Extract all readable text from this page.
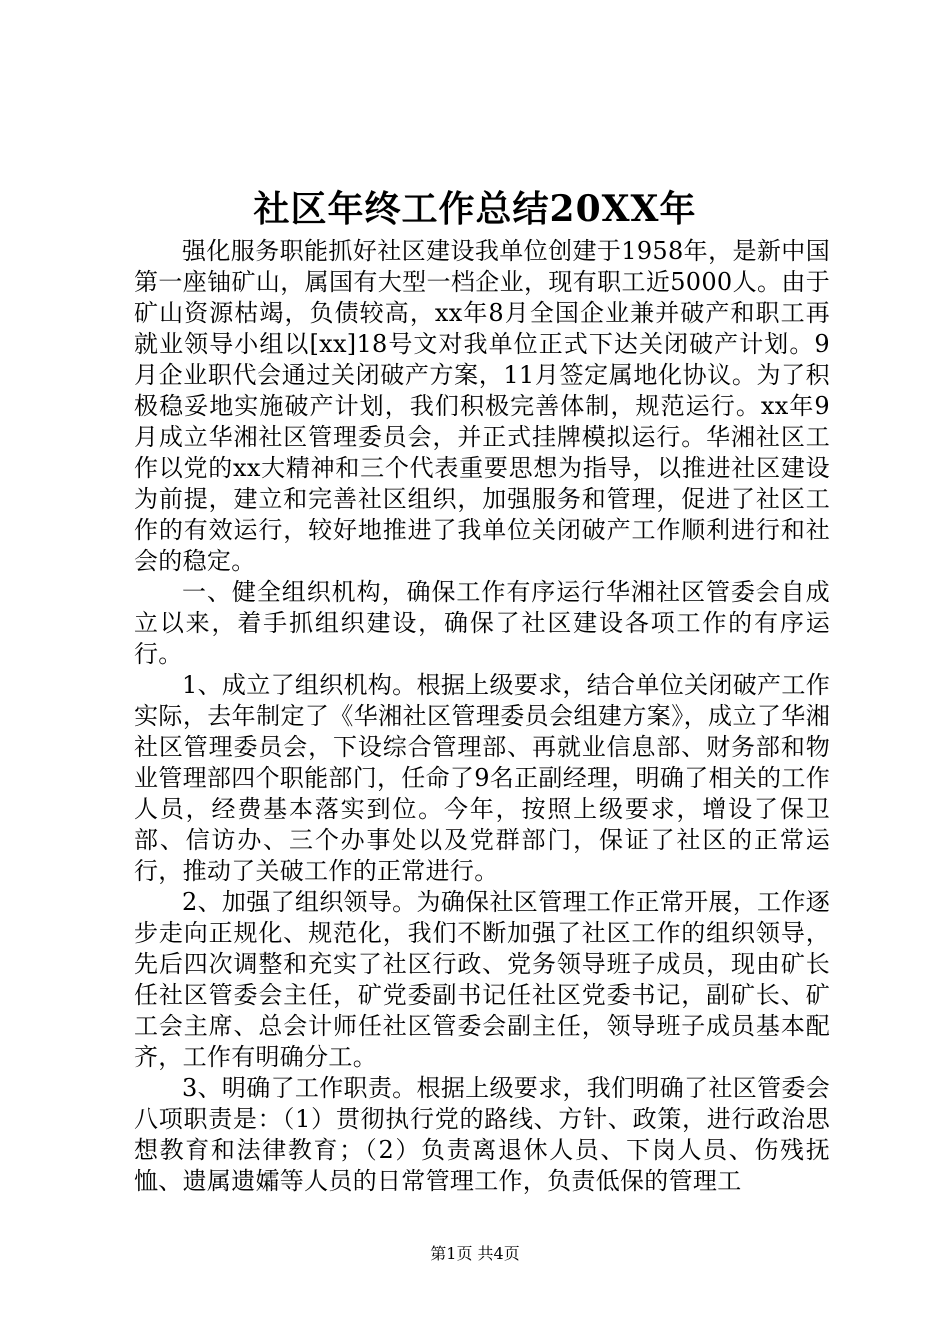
社区年终工作总结20XX年

强化服务职能抓好社区建设我单位创建于1958年，是新中国第一座铀矿山，属国有大型一档企业，现有职工近5000人。由于矿山资源枯竭，负债较高，xx年8月全国企业兼并破产和职工再就业领导小组以[xx]18号文对我单位正式下达关闭破产计划。9月企业职代会通过关闭破产方案，11月签定属地化协议。为了积极稳妥地实施破产计划，我们积极完善体制，规范运行。xx年9月成立华湘社区管理委员会，并正式挂牌模拟运行。华湘社区工作以党的xx大精神和三个代表重要思想为指导，以推进社区建设为前提，建立和完善社区组织，加强服务和管理，促进了社区工作的有效运行，较好地推进了我单位关闭破产工作顺利进行和社会的稳定。

一、健全组织机构，确保工作有序运行华湘社区管委会自成立以来，着手抓组织建设，确保了社区建设各项工作的有序运行。

1、成立了组织机构。根据上级要求，结合单位关闭破产工作实际，去年制定了《华湘社区管理委员会组建方案》，成立了华湘社区管理委员会，下设综合管理部、再就业信息部、财务部和物业管理部四个职能部门，任命了9名正副经理，明确了相关的工作人员，经费基本落实到位。今年，按照上级要求，增设了保卫部、信访办、三个办事处以及党群部门，保证了社区的正常运行，推动了关破工作的正常进行。

2、加强了组织领导。为确保社区管理工作正常开展，工作逐步走向正规化、规范化，我们不断加强了社区工作的组织领导，先后四次调整和充实了社区行政、党务领导班子成员，现由矿长任社区管委会主任，矿党委副书记任社区党委书记，副矿长、矿工会主席、总会计师任社区管委会副主任，领导班子成员基本配齐，工作有明确分工。

3、明确了工作职责。根据上级要求，我们明确了社区管委会八项职责是：（1）贯彻执行党的路线、方针、政策，进行政治思想教育和法律教育；（2）负责离退休人员、下岗人员、伤残抚恤、遗属遗孀等人员的日常管理工作，负责低保的管理工

第1页 共4页
